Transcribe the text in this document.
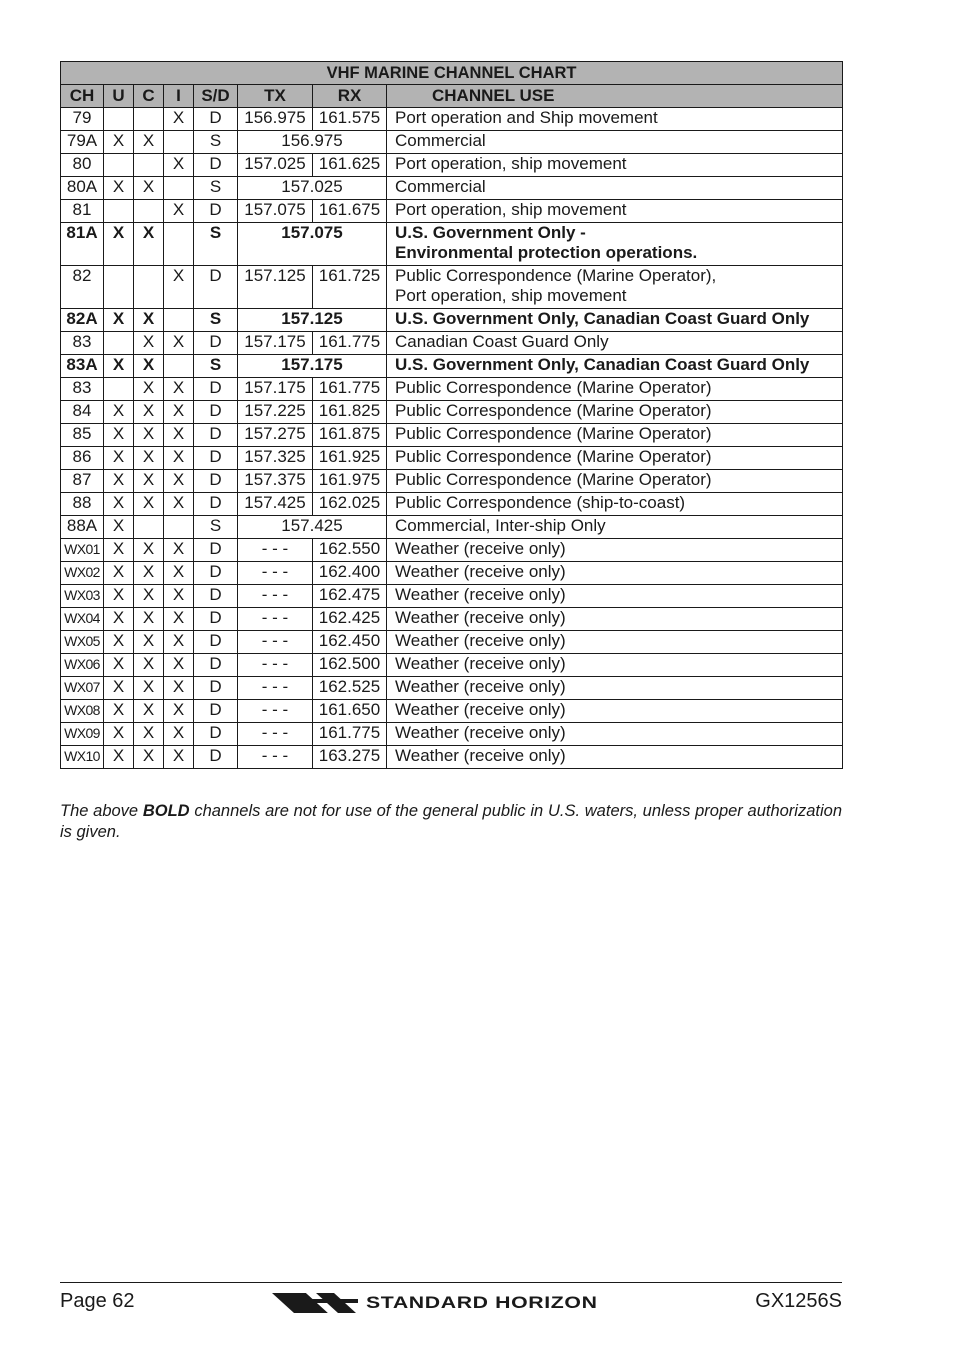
VHF MARINE CHANNEL CHART							
CH	U	C	I	S/D	TX	RX	CHANNEL USE
79			X	D	156.975	161.575	Port operation and Ship movement

79A	X	X		S	156.975		Commercial

80			X	D	157.025	161.625	Port operation, ship movement

80A	X	X		S	157.025		Commercial

81			X	D	157.075	161.675	Port operation, ship movement

81A	X	X		S	157.075		U.S. Government Only -
Environmental protection operations.

82			X	D	157.125	161.725	Public Correspondence (Marine Operator),
Port operation, ship movement

82A	X	X		S	157.125		U.S. Government Only, Canadian Coast Guard Only

83		X	X	D	157.175	161.775	Canadian Coast Guard Only

83A	X	X		S	157.175		U.S. Government Only, Canadian Coast Guard Only

83		X	X	D	157.175	161.775	Public Correspondence (Marine Operator)

84	X	X	X	D	157.225	161.825	Public Correspondence (Marine Operator)

85	X	X	X	D	157.275	161.875	Public Correspondence (Marine Operator)

86	X	X	X	D	157.325	161.925	Public Correspondence (Marine Operator)

87	X	X	X	D	157.375	161.975	Public Correspondence (Marine Operator)

88	X	X	X	D	157.425	162.025	Public Correspondence (ship-to-coast)

88A	X			S	157.425		Commercial, Inter-ship Only

WX01	X	X	X	D	- - -	162.550	Weather (receive only)

WX02	X	X	X	D	- - -	162.400	Weather (receive only)

WX03	X	X	X	D	- - -	162.475	Weather (receive only)

WX04	X	X	X	D	- - -	162.425	Weather (receive only)

WX05	X	X	X	D	- - -	162.450	Weather (receive only)

WX06	X	X	X	D	- - -	162.500	Weather (receive only)

WX07	X	X	X	D	- - -	162.525	Weather (receive only)

WX08	X	X	X	D	- - -	161.650	Weather (receive only)

WX09	X	X	X	D	- - -	161.775	Weather (receive only)

WX10	X	X	X	D	- - -	163.275	Weather (receive only)
The above BOLD channels are not for use of the general public in U.S. waters, unless proper authorization is given.
Page 62	STANDARD HORIZON	GX1256S
